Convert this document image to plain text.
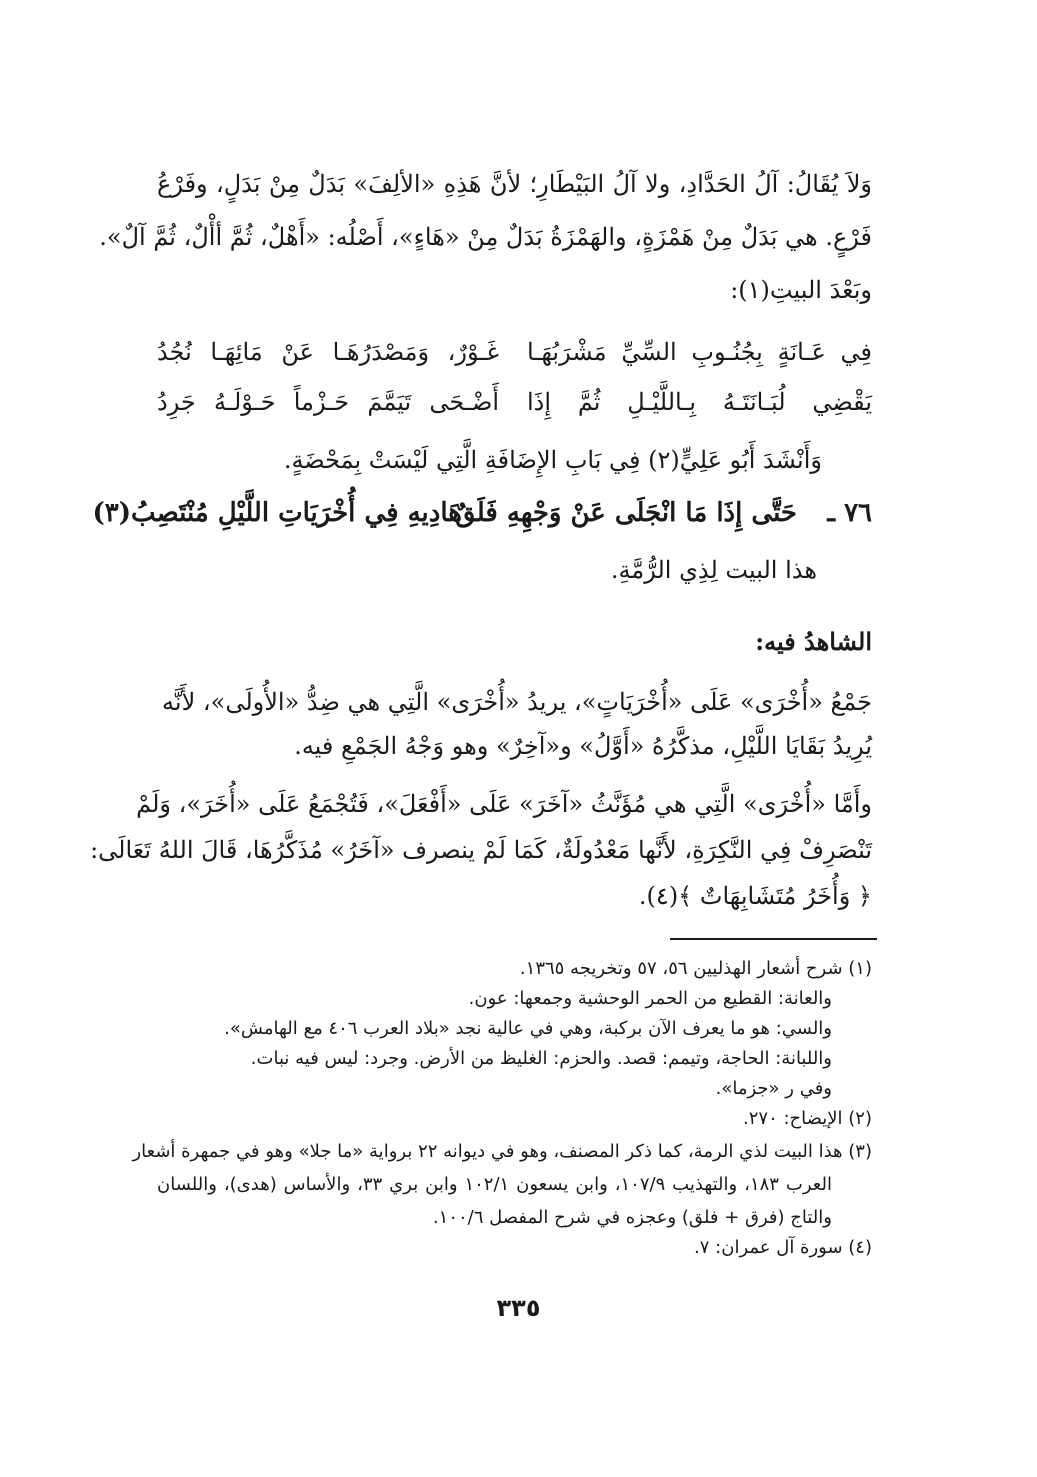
وَلاَ يُقَالُ: آلُ الحَدَّادِ، ولا آلُ البَيْطَارِ؛ لأنَّ هَذِهِ «الألِفَ» بَدَلٌ مِنْ بَدَلٍ، وفَرْعُ
فَرْعٍ. هي بَدَلٌ مِنْ هَمْزَةٍ، والهَمْزَةُ بَدَلٌ مِنْ «هَاءٍ»، أَصْلُه: «أَهْلٌ، ثُمَّ أأْلٌ، ثُمَّ آلٌ».
وبَعْدَ البيتِ(١):
فِي عَـانَةٍ بِجُنُـوبِ السِّيِّ مَشْرَبُهَـا
غَـوْرٌ، وَمَصْدَرُهَـا عَنْ مَائِهَـا نُجُدُ
يَقْضِي لُبَـانَتَـهُ بِـاللَّيْـلِ ثُمَّ إِذَا
أَضْـحَى تَيَمَّمَ حَـزْماً حَـوْلَـهُ جَرِدُ
وَأَنْشَدَ أَبُو عَلِيٍّ(٢) فِي بَابِ الإِضَافَةِ الَّتِي لَيْسَتْ بِمَحْضَةٍ.
٧٦ ـ
حَتَّى إِذَا مَا انْجَلَى عَنْ وَجْهِهِ فَلَقٌ
هَادِيهِ فِي أُخْرَيَاتِ اللَّيْلِ مُنْتَصِبُ(٣)
هذا البيت لِذِي الرُّمَّةِ.
الشاهدُ فيه:
جَمْعُ «أُخْرَى» عَلَى «أُخْرَيَاتٍ»، يريدُ «أُخْرَى» الَّتِي هي ضِدُّ «الأُولَى»، لأَنَّه
يُرِيدُ بَقَايَا اللَّيْلِ، مذكَّرُهُ «أَوَّلُ» و«آخِرٌ» وهو وَجْهُ الجَمْعِ فيه.
وأَمَّا «أُخْرَى» الَّتِي هي مُؤَنَّثُ «آخَرَ» عَلَى «أَفْعَلَ»، فَتُجْمَعُ عَلَى «أُخَرَ»، وَلَمْ
تَنْصَرِفْ فِي النَّكِرَةِ، لأَنَّها مَعْدُولَةٌ، كَمَا لَمْ ينصرف «آخَرُ» مُذَكَّرُهَا، قَالَ اللهُ تَعَالَى:
﴿ وَأُخَرُ مُتَشَابِهَاتٌ ﴾(٤).
(١) شرح أشعار الهذليين ٥٦، ٥٧ وتخريجه ١٣٦٥.
والعانة: القطيع من الحمر الوحشية وجمعها: عون.
والسي: هو ما يعرف الآن بركبة، وهي في عالية نجد «بلاد العرب ٤٠٦ مع الهامش».
واللبانة: الحاجة، وتيمم: قصد. والحزم: الغليظ من الأرض. وجرد: ليس فيه نبات.
وفي ر «جزما».
(٢) الإيضاح: ٢٧٠.
(٣) هذا البيت لذي الرمة، كما ذكر المصنف، وهو في ديوانه ٢٢ برواية «ما جلا» وهو في جمهرة أشعار
العرب ١٨٣، والتهذيب ١٠٧/٩، وابن يسعون ١٠٢/١ وابن بري ٣٣، والأساس (هدى)، واللسان
والتاج (فرق + فلق) وعجزه في شرح المفصل ١٠٠/٦.
(٤) سورة آل عمران: ٧.
٣٣٥
